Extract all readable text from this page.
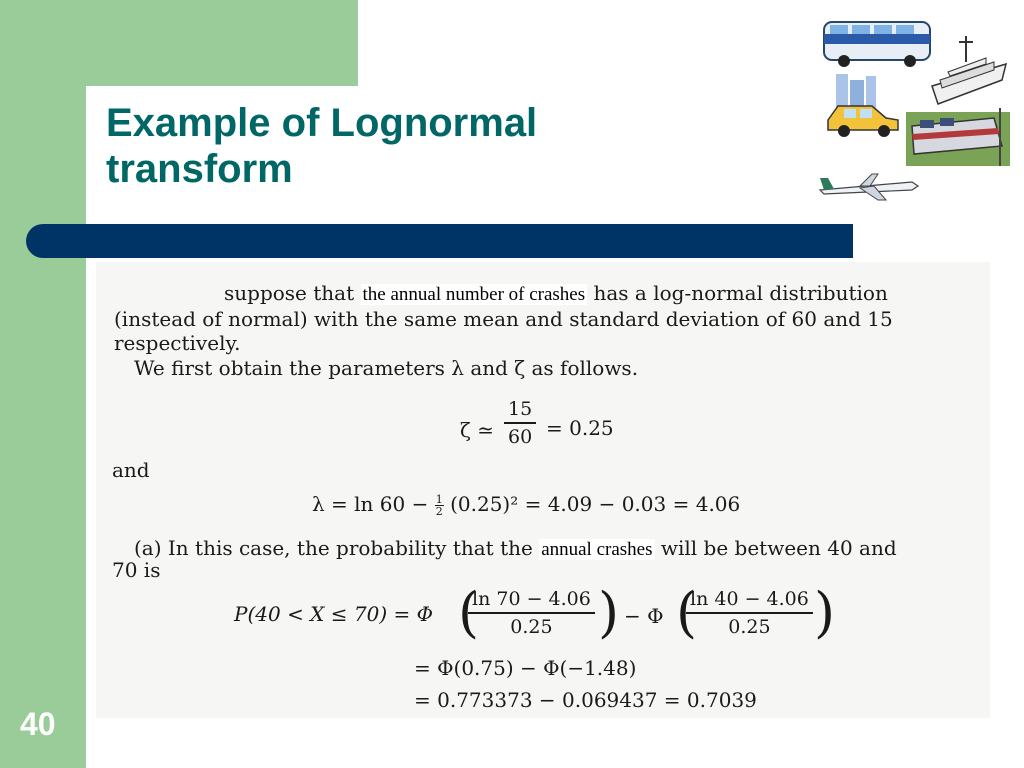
Example of Lognormal
transform
suppose that the annual number of crashes has a log-normal distribution
(instead of normal) with the same mean and standard deviation of 60 and 15
respectively.
We first obtain the parameters λ and ζ as follows.
ζ ≃ $\frac{15}{60} = 0.25$
and
$\lambda = \ln 60 - \frac{1}{2} (0.25)^2 = 4.09 - 0.03 = 4.06$
(a) In this case, the probability that the annual crashes will be between 40 and
70 is
P(40 < X ≤ 70) = Φ (
$\frac{\ln 70 - 4.06}{0.25}$ ) − Φ (
$\frac{\ln 40 - 4.06}{0.25}$ )
= Φ(0.75) − Φ(−1.48)
= 0.773373 − 0.069437 = 0.7039
40
